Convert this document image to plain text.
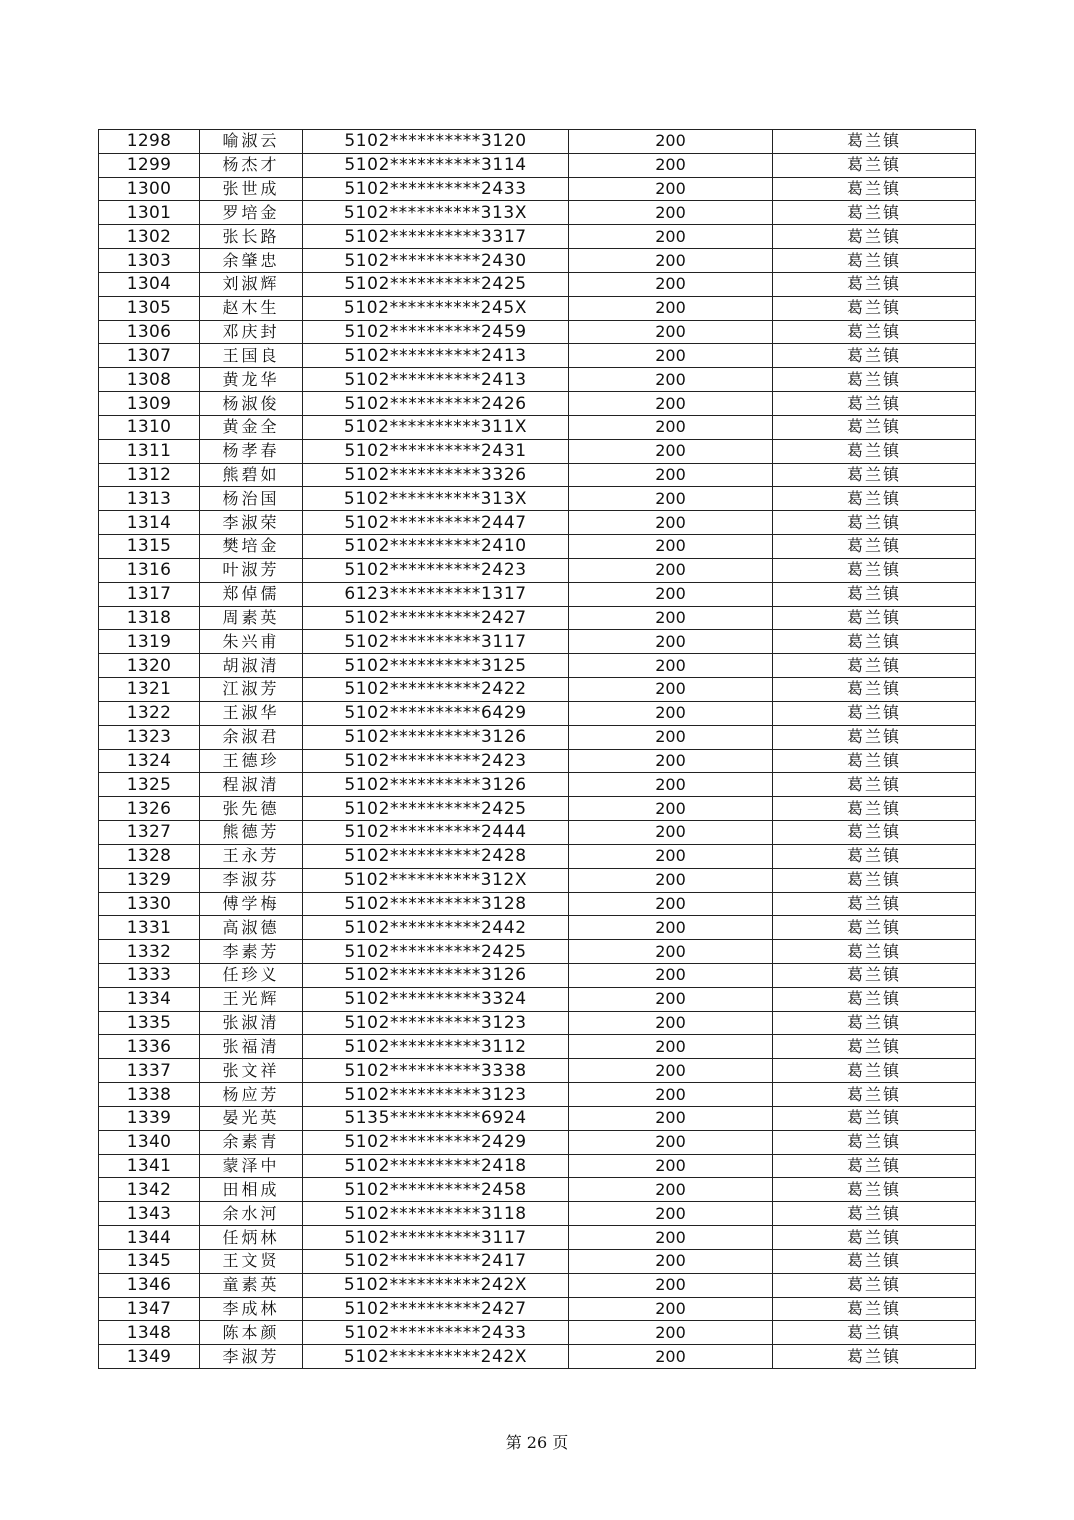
1298	喻淑云	5102**********3120	200	葛兰镇
1299	杨杰才	5102**********3114	200	葛兰镇
1300	张世成	5102**********2433	200	葛兰镇
1301	罗培金	5102**********313X	200	葛兰镇
1302	张长路	5102**********3317	200	葛兰镇
1303	余肇忠	5102**********2430	200	葛兰镇
1304	刘淑辉	5102**********2425	200	葛兰镇
1305	赵木生	5102**********245X	200	葛兰镇
1306	邓庆封	5102**********2459	200	葛兰镇
1307	王国良	5102**********2413	200	葛兰镇
1308	黄龙华	5102**********2413	200	葛兰镇
1309	杨淑俊	5102**********2426	200	葛兰镇
1310	黄金全	5102**********311X	200	葛兰镇
1311	杨孝春	5102**********2431	200	葛兰镇
1312	熊碧如	5102**********3326	200	葛兰镇
1313	杨治国	5102**********313X	200	葛兰镇
1314	李淑荣	5102**********2447	200	葛兰镇
1315	樊培金	5102**********2410	200	葛兰镇
1316	叶淑芳	5102**********2423	200	葛兰镇
1317	郑倬儒	6123**********1317	200	葛兰镇
1318	周素英	5102**********2427	200	葛兰镇
1319	朱兴甫	5102**********3117	200	葛兰镇
1320	胡淑清	5102**********3125	200	葛兰镇
1321	江淑芳	5102**********2422	200	葛兰镇
1322	王淑华	5102**********6429	200	葛兰镇
1323	余淑君	5102**********3126	200	葛兰镇
1324	王德珍	5102**********2423	200	葛兰镇
1325	程淑清	5102**********3126	200	葛兰镇
1326	张先德	5102**********2425	200	葛兰镇
1327	熊德芳	5102**********2444	200	葛兰镇
1328	王永芳	5102**********2428	200	葛兰镇
1329	李淑芬	5102**********312X	200	葛兰镇
1330	傅学梅	5102**********3128	200	葛兰镇
1331	高淑德	5102**********2442	200	葛兰镇
1332	李素芳	5102**********2425	200	葛兰镇
1333	任珍义	5102**********3126	200	葛兰镇
1334	王光辉	5102**********3324	200	葛兰镇
1335	张淑清	5102**********3123	200	葛兰镇
1336	张福清	5102**********3112	200	葛兰镇
1337	张文祥	5102**********3338	200	葛兰镇
1338	杨应芳	5102**********3123	200	葛兰镇
1339	晏光英	5135**********6924	200	葛兰镇
1340	余素青	5102**********2429	200	葛兰镇
1341	蒙泽中	5102**********2418	200	葛兰镇
1342	田相成	5102**********2458	200	葛兰镇
1343	余水河	5102**********3118	200	葛兰镇
1344	任炳林	5102**********3117	200	葛兰镇
1345	王文贤	5102**********2417	200	葛兰镇
1346	童素英	5102**********242X	200	葛兰镇
1347	李成林	5102**********2427	200	葛兰镇
1348	陈本颜	5102**********2433	200	葛兰镇
1349	李淑芳	5102**********242X	200	葛兰镇
第 26 页
